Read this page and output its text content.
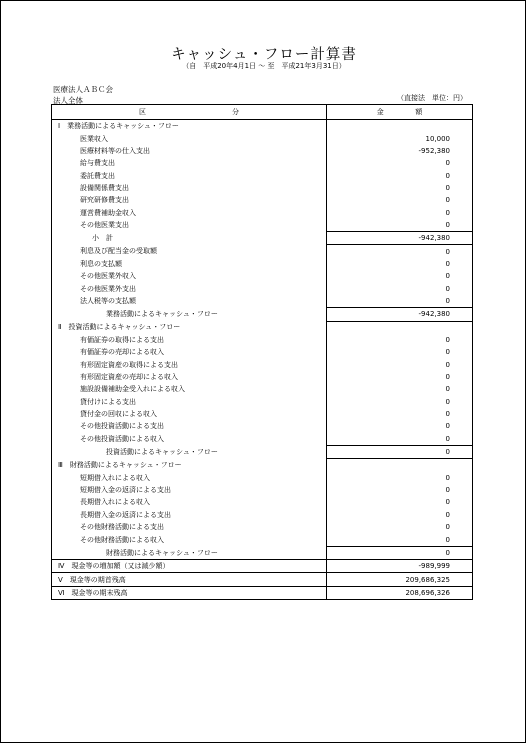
キャッシュ・フロー計算書
（自　平成20年4月1日 ～ 至　平成21年3月31日）
医療法人ＡＢＣ会
法人全体	（直接法　単位：円）
区 分	金 額

Ⅰ　業務活動によるキャッシュ・フロー	
医業収入	10,000
医療材料等の仕入支出	-952,380
給与費支出	0
委託費支出	0
設備関係費支出	0
研究研修費支出	0
運営費補助金収入	0
その他医業支出	0
小　計	-942,380
利息及び配当金の受取額	0
利息の支払額	0
その他医業外収入	0
その他医業外支出	0
法人税等の支払額	0
業務活動によるキャッシュ・フロー	-942,380
Ⅱ　投資活動によるキャッシュ・フロー	
有価証券の取得による支出	0
有価証券の売却による収入	0
有形固定資産の取得による支出	0
有形固定資産の売却による収入	0
施設設備補助金受入れによる収入	0
貸付けによる支出	0
貸付金の回収による収入	0
その他投資活動による支出	0
その他投資活動による収入	0
投資活動によるキャッシュ・フロー	0
Ⅲ　財務活動によるキャッシュ・フロー	
短期借入れによる収入	0
短期借入金の返済による支出	0
長期借入れによる収入	0
長期借入金の返済による支出	0
その他財務活動による支出	0
その他財務活動による収入	0
財務活動によるキャッシュ・フロー	0
Ⅳ　現金等の増加額（又は減少額）	-989,999
Ⅴ　現金等の期首残高	209,686,325
Ⅵ　現金等の期末残高	208,696,326
